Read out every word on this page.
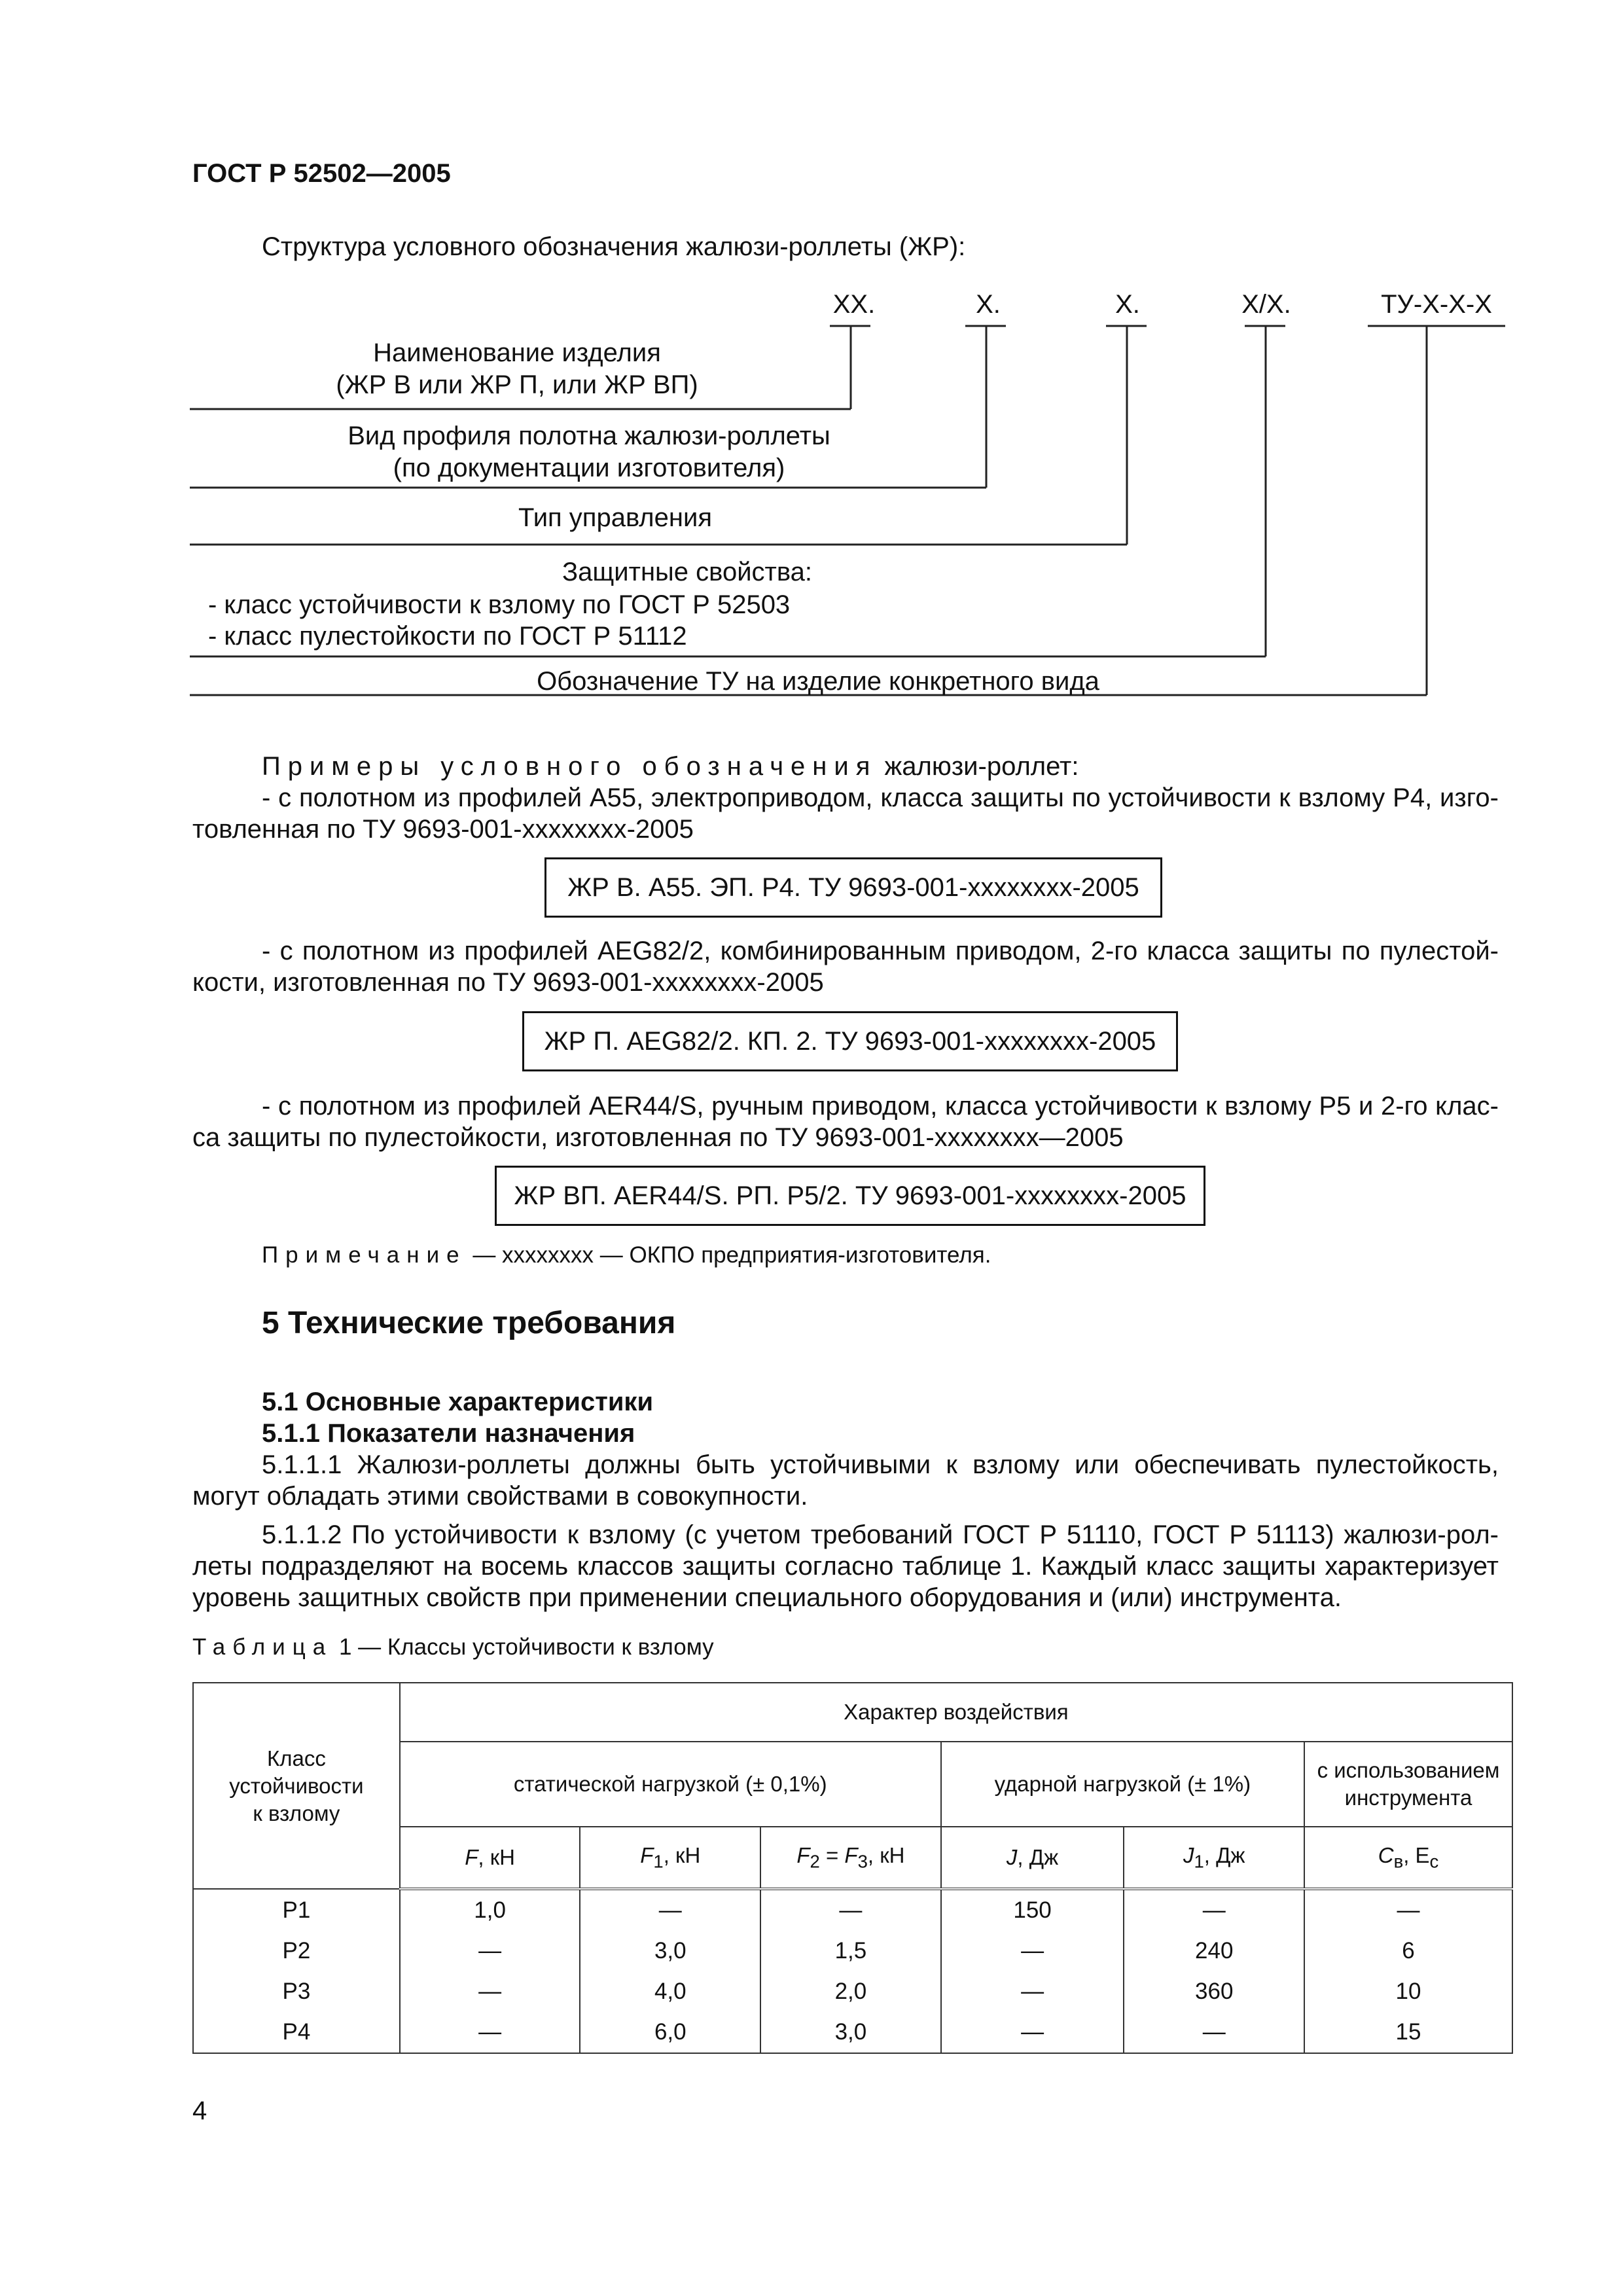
ГОСТ Р 52502—2005
Структура условного обозначения жалюзи-роллеты (ЖР):
ХХ.	Х.	Х.	Х/Х.	ТУ-Х-Х-Х
Наименование изделия
(ЖР В или ЖР П, или ЖР ВП)
Вид профиля полотна жалюзи-роллеты
(по документации изготовителя)
Тип управления
Защитные свойства:
- класс устойчивости к взлому по ГОСТ Р 52503
- класс пулестойкости по ГОСТ Р 51112
Обозначение ТУ на изделие конкретного вида
Примеры условного обозначения жалюзи-роллет:
- с полотном из профилей А55, электроприводом, класса защиты по устойчивости к взлому Р4, изго-
товленная по ТУ 9693-001-хххххххх-2005
ЖР В. А55. ЭП. Р4. ТУ 9693-001-хххххххх-2005
- с полотном из профилей AEG82/2, комбинированным приводом, 2-го класса защиты по пулестой-
кости, изготовленная по ТУ 9693-001-хххххххх-2005
ЖР П. AEG82/2. КП. 2. ТУ 9693-001-хххххххх-2005
- с полотном из профилей AER44/S, ручным приводом, класса устойчивости к взлому Р5 и 2-го клас-
са защиты по пулестойкости, изготовленная по ТУ 9693-001-хххххххх—2005
ЖР ВП. AER44/S. РП. Р5/2. ТУ 9693-001-хххххххх-2005
Примечание — хххххххх — ОКПО предприятия-изготовителя.
5 Технические требования
5.1 Основные характеристики
5.1.1 Показатели назначения
5.1.1.1 Жалюзи-роллеты должны быть устойчивыми к взлому или обеспечивать пулестойкость,
могут обладать этими свойствами в совокупности.
5.1.1.2 По устойчивости к взлому (с учетом требований ГОСТ Р 51110, ГОСТ Р 51113) жалюзи-рол-
леты подразделяют на восемь классов защиты согласно таблице 1. Каждый класс защиты характеризует
уровень защитных свойств при применении специального оборудования и (или) инструмента.
Таблица 1 — Классы устойчивости к взлому
Класс
устойчивости
к взлому	Характер воздействия					
	статической нагрузкой (± 0,1%)			ударной нагрузкой (± 1%)		с использованием
инструмента

	F, кН	$F_1$, кН	$F_2 = F_3$, кН	J, Дж	$J_1$, Дж	$С_в$, $Е_с$
Р1	1,0	—	—	150	—	—
Р2	—	3,0	1,5	—	240	6
Р3	—	4,0	2,0	—	360	10
Р4	—	6,0	3,0	—	—	15
4
